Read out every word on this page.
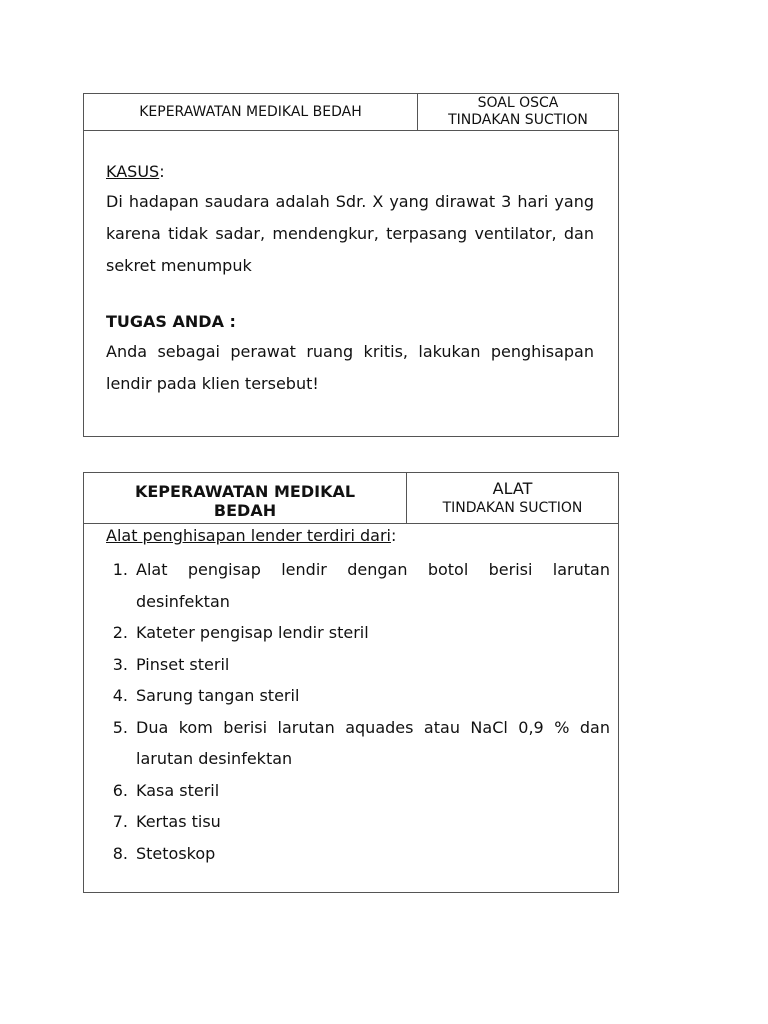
KEPERAWATAN MEDIKAL BEDAH
SOAL OSCA
TINDAKAN SUCTION
KASUS:

Di hadapan saudara adalah Sdr. X yang dirawat 3 hari yang karena tidak sadar, mendengkur, terpasang ventilator, dan sekret menumpuk

TUGAS ANDA :

Anda sebagai perawat ruang kritis, lakukan penghisapan lendir pada klien tersebut!

KEPERAWATAN MEDIKAL BEDAH
ALAT
TINDAKAN SUCTION
Alat penghisapan lender terdiri dari:
1. Alat pengisap lendir dengan botol berisi larutan desinfektan
2. Kateter pengisap lendir steril
3. Pinset steril
4. Sarung tangan steril
5. Dua kom berisi larutan aquades atau NaCl 0,9 % dan larutan desinfektan
6. Kasa steril
7. Kertas tisu
8. Stetoskop
